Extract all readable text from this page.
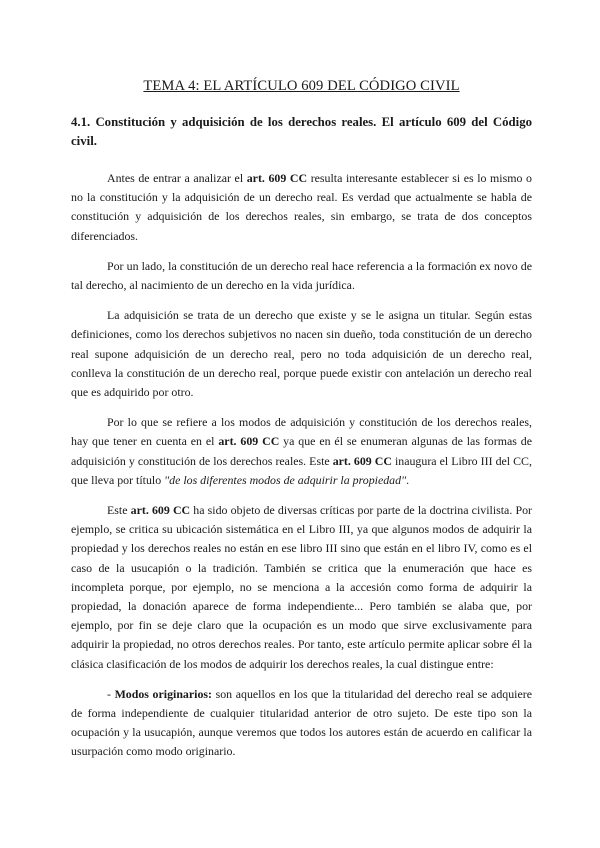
TEMA 4: EL ARTÍCULO 609 DEL CÓDIGO CIVIL

4.1. Constitución y adquisición de los derechos reales. El artículo 609 del Código civil.

Antes de entrar a analizar el art. 609 CC resulta interesante establecer si es lo mismo o no la constitución y la adquisición de un derecho real. Es verdad que actualmente se habla de constitución y adquisición de los derechos reales, sin embargo, se trata de dos conceptos diferenciados.

Por un lado, la constitución de un derecho real hace referencia a la formación ex novo de tal derecho, al nacimiento de un derecho en la vida jurídica.

La adquisición se trata de un derecho que existe y se le asigna un titular. Según estas definiciones, como los derechos subjetivos no nacen sin dueño, toda constitución de un derecho real supone adquisición de un derecho real, pero no toda adquisición de un derecho real, conlleva la constitución de un derecho real, porque puede existir con antelación un derecho real que es adquirido por otro.

Por lo que se refiere a los modos de adquisición y constitución de los derechos reales, hay que tener en cuenta en el art. 609 CC ya que en él se enumeran algunas de las formas de adquisición y constitución de los derechos reales. Este art. 609 CC inaugura el Libro III del CC, que lleva por título "de los diferentes modos de adquirir la propiedad".

Este art. 609 CC ha sido objeto de diversas críticas por parte de la doctrina civilista. Por ejemplo, se critica su ubicación sistemática en el Libro III, ya que algunos modos de adquirir la propiedad y los derechos reales no están en ese libro III sino que están en el libro IV, como es el caso de la usucapión o la tradición. También se critica que la enumeración que hace es incompleta porque, por ejemplo, no se menciona a la accesión como forma de adquirir la propiedad, la donación aparece de forma independiente... Pero también se alaba que, por ejemplo, por fin se deje claro que la ocupación es un modo que sirve exclusivamente para adquirir la propiedad, no otros derechos reales. Por tanto, este artículo permite aplicar sobre él la clásica clasificación de los modos de adquirir los derechos reales, la cual distingue entre:

- Modos originarios: son aquellos en los que la titularidad del derecho real se adquiere de forma independiente de cualquier titularidad anterior de otro sujeto. De este tipo son la ocupación y la usucapión, aunque veremos que todos los autores están de acuerdo en calificar la usurpación como modo originario.
